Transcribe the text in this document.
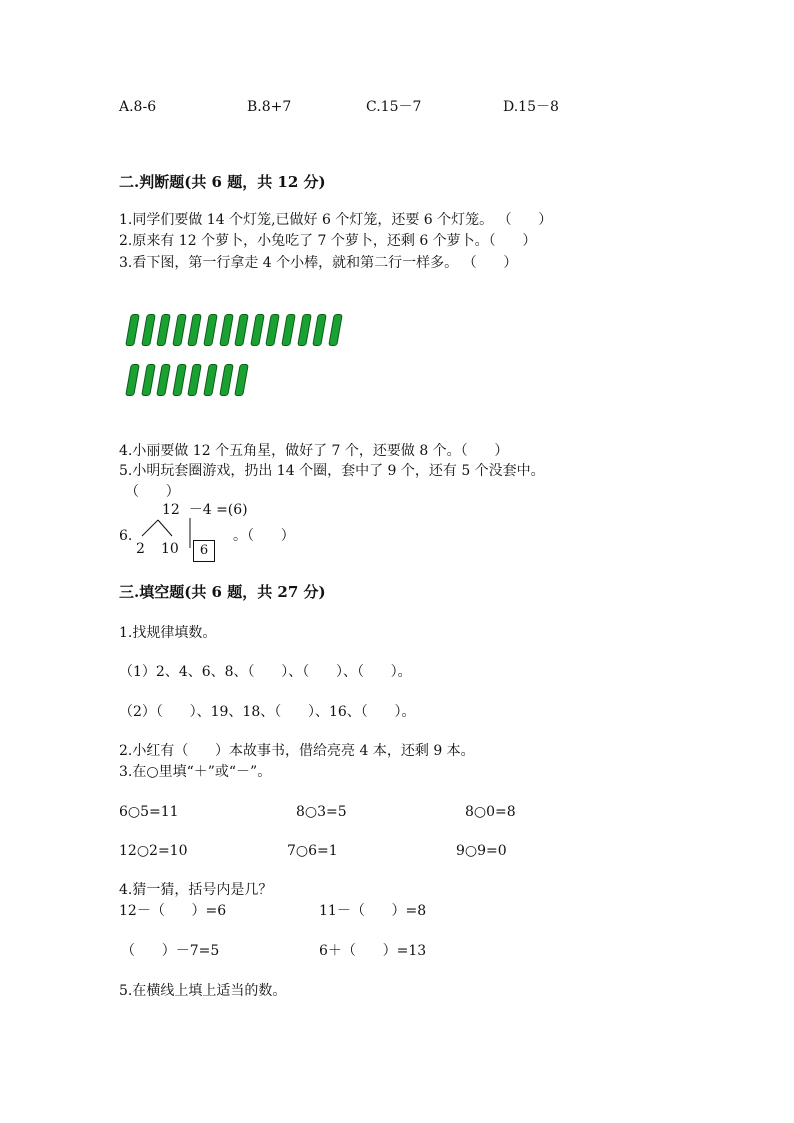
A.8-6	B.8+7	C.15－7	D.15－8
二.判断题(共 6 题，共 12 分)
1.同学们要做 14 个灯笼,已做好 6 个灯笼，还要 6 个灯笼。 （      ）
2.原来有 12 个萝卜，小兔吃了 7 个萝卜，还剩 6 个萝卜。（      ）
3.看下图，第一行拿走 4 个小棒，就和第二行一样多。 （      ）
4.小丽要做 12 个五角星，做好了 7 个，还要做 8 个。（      ）
5.小明玩套圈游戏，扔出 14 个圈，套中了 9 个，还有 5 个没套中。
（      ）
12  －4 =(6)
6.
2 10	6
。（      ）
三.填空题(共 6 题，共 27 分)
1.找规律填数。
（1）2、4、6、8、（      ）、（      ）、（      ）。
（2）（      ）、19、18、（      ）、16、（      ）。
2.小红有（      ）本故事书，借给亮亮 4 本，还剩 9 本。
3.在○里填“＋”或“－”。
6○5=11	8○3=5	8○0=8
12○2=10	7○6=1	9○9=0
4.猜一猜，括号内是几？
12－（      ）=6	11－（      ）=8
（      ）－7=5	6＋（      ）=13
5.在横线上填上适当的数。
